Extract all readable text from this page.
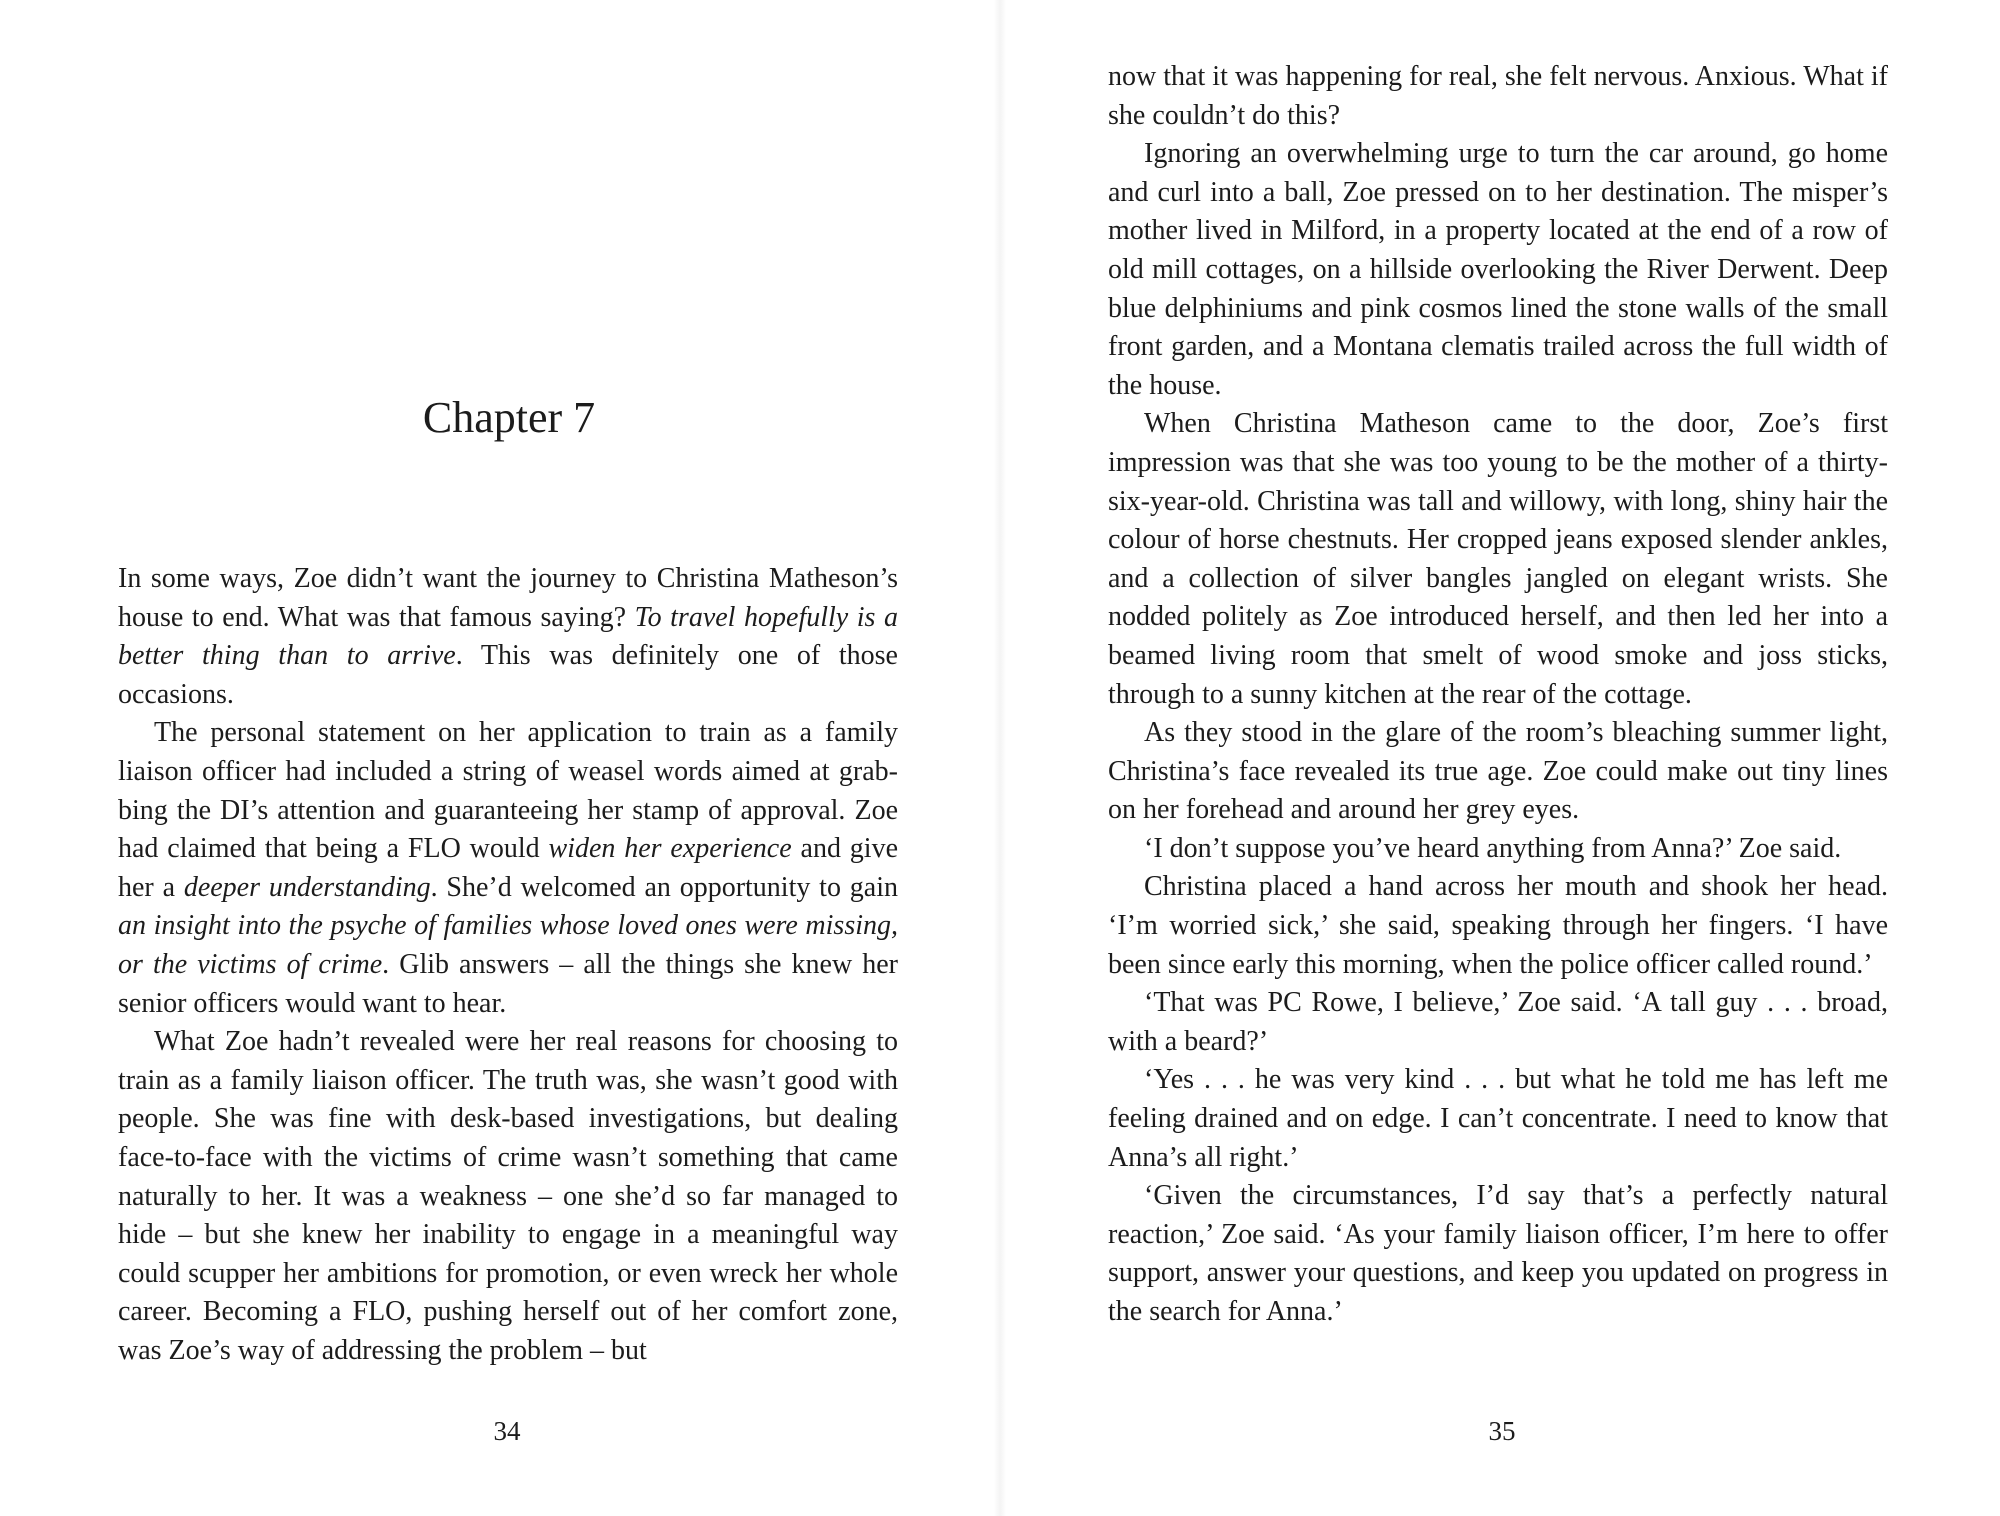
Chapter 7

In some ways, Zoe didn’t want the journey to Christina Matheson’s house to end. What was that famous saying? To travel hopefully is a better thing than to arrive. This was definitely one of those occasions.

The personal statement on her application to train as a family liaison officer had included a string of weasel words aimed at grabbing the DI’s attention and guaranteeing her stamp of approval. Zoe had claimed that being a FLO would widen her experience and give her a deeper understanding. She’d welcomed an opportunity to gain an insight into the psyche of families whose loved ones were missing, or the victims of crime. Glib answers – all the things she knew her senior officers would want to hear.

What Zoe hadn’t revealed were her real reasons for choosing to train as a family liaison officer. The truth was, she wasn’t good with people. She was fine with desk-based investigations, but dealing face-to-face with the victims of crime wasn’t something that came naturally to her. It was a weakness – one she’d so far managed to hide – but she knew her inability to engage in a meaningful way could scupper her ambitions for promotion, or even wreck her whole career. Becoming a FLO, pushing herself out of her comfort zone, was Zoe’s way of addressing the problem – but

34

now that it was happening for real, she felt nervous. Anxious. What if she couldn’t do this?

Ignoring an overwhelming urge to turn the car around, go home and curl into a ball, Zoe pressed on to her destination. The misper’s mother lived in Milford, in a property located at the end of a row of old mill cottages, on a hillside overlooking the River Derwent. Deep blue delphiniums and pink cosmos lined the stone walls of the small front garden, and a Montana clematis trailed across the full width of the house.

When Christina Matheson came to the door, Zoe’s first impression was that she was too young to be the mother of a thirty-six-year-old. Christina was tall and willowy, with long, shiny hair the colour of horse chestnuts. Her cropped jeans exposed slender ankles, and a collection of silver bangles jangled on elegant wrists. She nodded politely as Zoe introduced herself, and then led her into a beamed living room that smelt of wood smoke and joss sticks, through to a sunny kitchen at the rear of the cottage.

As they stood in the glare of the room’s bleaching summer light, Christina’s face revealed its true age. Zoe could make out tiny lines on her forehead and around her grey eyes.

‘I don’t suppose you’ve heard anything from Anna?’ Zoe said.

Christina placed a hand across her mouth and shook her head. ‘I’m worried sick,’ she said, speaking through her fingers. ‘I have been since early this morning, when the police officer called round.’

‘That was PC Rowe, I believe,’ Zoe said. ‘A tall guy . . . broad, with a beard?’

‘Yes . . . he was very kind . . . but what he told me has left me feeling drained and on edge. I can’t concentrate. I need to know that Anna’s all right.’

‘Given the circumstances, I’d say that’s a perfectly natural reaction,’ Zoe said. ‘As your family liaison officer, I’m here to offer support, answer your questions, and keep you updated on progress in the search for Anna.’

35
